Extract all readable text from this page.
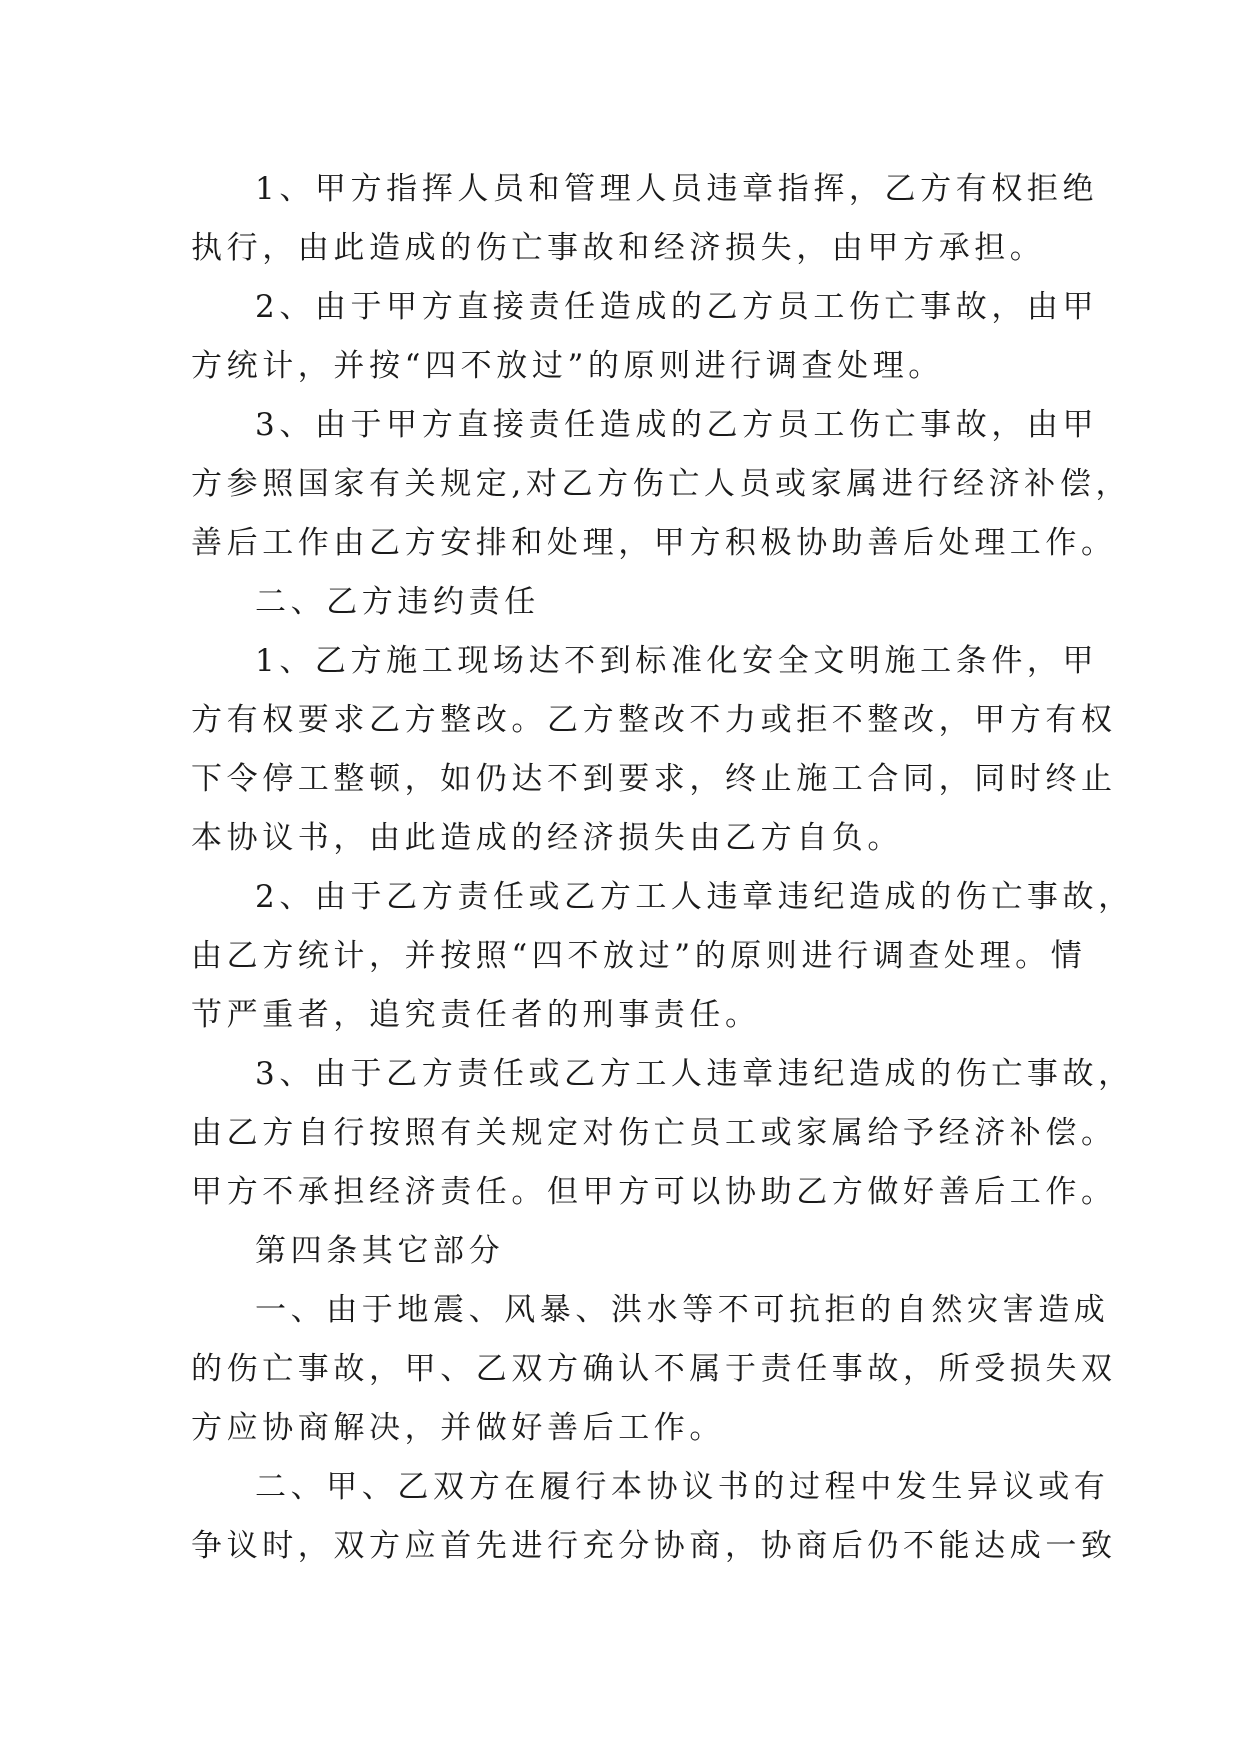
1、甲方指挥人员和管理人员违章指挥，乙方有权拒绝
执行，由此造成的伤亡事故和经济损失，由甲方承担。
2、由于甲方直接责任造成的乙方员工伤亡事故，由甲
方统计，并按“四不放过”的原则进行调查处理。
3、由于甲方直接责任造成的乙方员工伤亡事故，由甲
方参照国家有关规定,对乙方伤亡人员或家属进行经济补偿，
善后工作由乙方安排和处理，甲方积极协助善后处理工作。
二、乙方违约责任
1、乙方施工现场达不到标准化安全文明施工条件，甲
方有权要求乙方整改。乙方整改不力或拒不整改，甲方有权
下令停工整顿，如仍达不到要求，终止施工合同，同时终止
本协议书，由此造成的经济损失由乙方自负。
2、由于乙方责任或乙方工人违章违纪造成的伤亡事故，
由乙方统计，并按照“四不放过”的原则进行调查处理。情
节严重者，追究责任者的刑事责任。
3、由于乙方责任或乙方工人违章违纪造成的伤亡事故，
由乙方自行按照有关规定对伤亡员工或家属给予经济补偿。
甲方不承担经济责任。但甲方可以协助乙方做好善后工作。
第四条其它部分
一、由于地震、风暴、洪水等不可抗拒的自然灾害造成
的伤亡事故，甲、乙双方确认不属于责任事故，所受损失双
方应协商解决，并做好善后工作。
二、甲、乙双方在履行本协议书的过程中发生异议或有
争议时，双方应首先进行充分协商，协商后仍不能达成一致
